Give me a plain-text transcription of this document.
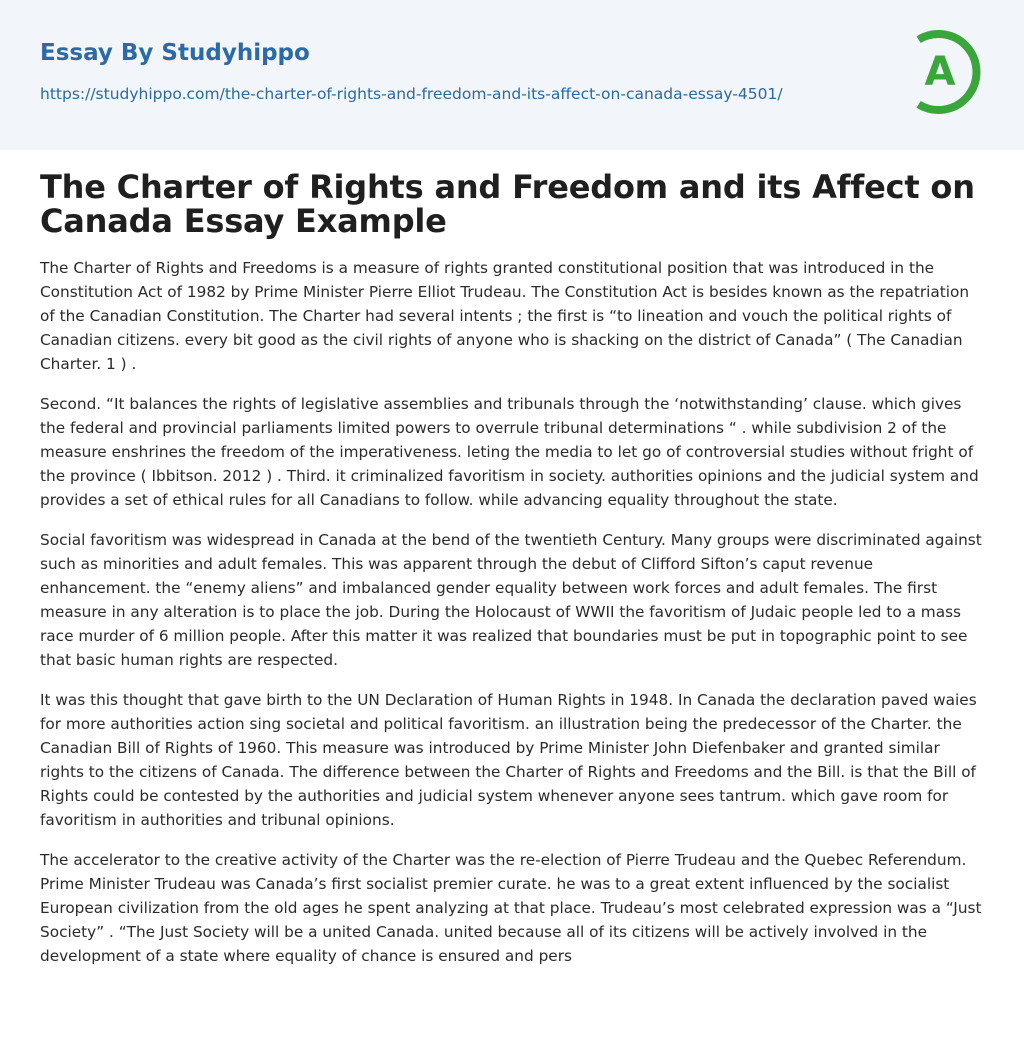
Essay By Studyhippo
https://studyhippo.com/the-charter-of-rights-and-freedom-and-its-affect-on-canada-essay-4501/	A
The Charter of Rights and Freedom and its Affect on Canada Essay Example

The Charter of Rights and Freedoms is a measure of rights granted constitutional position that was introduced in the Constitution Act of 1982 by Prime Minister Pierre Elliot Trudeau. The Constitution Act is besides known as the repatriation of the Canadian Constitution. The Charter had several intents ; the first is “to lineation and vouch the political rights of Canadian citizens. every bit good as the civil rights of anyone who is shacking on the district of Canada” ( The Canadian Charter. 1 ) .

Second. “It balances the rights of legislative assemblies and tribunals through the ‘notwithstanding’ clause. which gives the federal and provincial parliaments limited powers to overrule tribunal determinations “ . while subdivision 2 of the measure enshrines the freedom of the imperativeness. leting the media to let go of controversial studies without fright of the province ( Ibbitson. 2012 ) . Third. it criminalized favoritism in society. authorities opinions and the judicial system and provides a set of ethical rules for all Canadians to follow. while advancing equality throughout the state.

Social favoritism was widespread in Canada at the bend of the twentieth Century. Many groups were discriminated against such as minorities and adult females. This was apparent through the debut of Clifford Sifton’s caput revenue enhancement. the “enemy aliens” and imbalanced gender equality between work forces and adult females. The first measure in any alteration is to place the job. During the Holocaust of WWII the favoritism of Judaic people led to a mass race murder of 6 million people. After this matter it was realized that boundaries must be put in topographic point to see that basic human rights are respected.

It was this thought that gave birth to the UN Declaration of Human Rights in 1948. In Canada the declaration paved waies for more authorities action sing societal and political favoritism. an illustration being the predecessor of the Charter. the Canadian Bill of Rights of 1960. This measure was introduced by Prime Minister John Diefenbaker and granted similar rights to the citizens of Canada. The difference between the Charter of Rights and Freedoms and the Bill. is that the Bill of Rights could be contested by the authorities and judicial system whenever anyone sees tantrum. which gave room for favoritism in authorities and tribunal opinions.

The accelerator to the creative activity of the Charter was the re-election of Pierre Trudeau and the Quebec Referendum. Prime Minister Trudeau was Canada’s first socialist premier curate. he was to a great extent influenced by the socialist European civilization from the old ages he spent analyzing at that place. Trudeau’s most celebrated expression was a “Just Society” . “The Just Society will be a united Canada. united because all of its citizens will be actively involved in the development of a state where equality of chance is ensured and pers
